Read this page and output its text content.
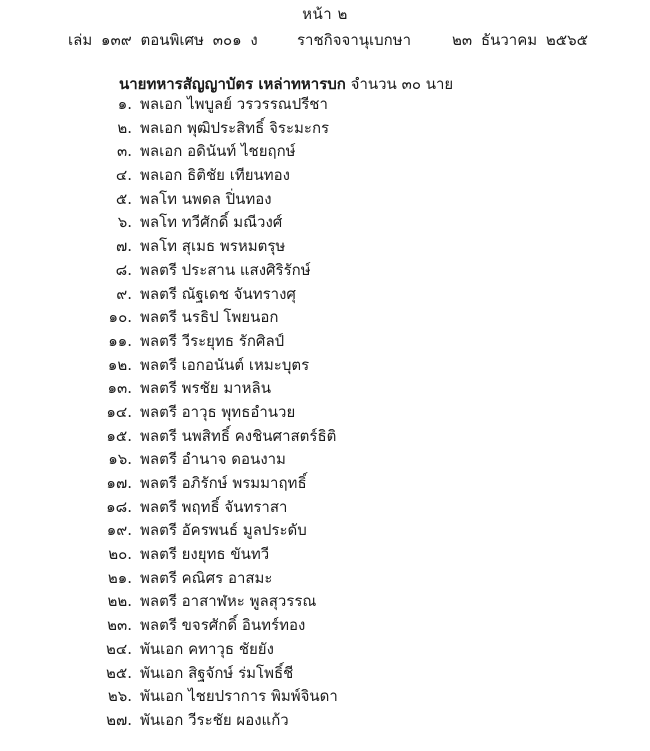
หน้า ๒
เล่ม ๑๓๙ ตอนพิเศษ ๓๐๑ ง	ราชกิจจานุเบกษา	๒๓ ธันวาคม ๒๕๖๕
นายทหารสัญญาบัตร เหล่าทหารบก จำนวน ๓๐ นาย
๑. พลเอก ไพบูลย์ วรวรรณปรีชา
๒. พลเอก พุฒิประสิทธิ์ จิระมะกร
๓. พลเอก อดินันท์ ไชยฤกษ์
๔. พลเอก ธิติชัย เทียนทอง
๕. พลโท นพดล ปิ่นทอง
๖. พลโท ทวีศักดิ์ มณีวงศ์
๗. พลโท สุเมธ พรหมตรุษ
๘. พลตรี ประสาน แสงศิริรักษ์
๙. พลตรี ณัฐเดช จันทรางศุ
๑๐. พลตรี นรธิป โพยนอก
๑๑. พลตรี วีระยุทธ รักศิลป์
๑๒. พลตรี เอกอนันต์ เหมะบุตร
๑๓. พลตรี พรชัย มาหลิน
๑๔. พลตรี อาวุธ พุทธอำนวย
๑๕. พลตรี นพสิทธิ์ คงชินศาสตร์ธิติ
๑๖. พลตรี อำนาจ ดอนงาม
๑๗. พลตรี อภิรักษ์ พรมมาฤทธิ์
๑๘. พลตรี พฤทธิ์ จันทราสา
๑๙. พลตรี อัครพนธ์ มูลประดับ
๒๐. พลตรี ยงยุทธ ขันทวี
๒๑. พลตรี คณิศร อาสมะ
๒๒. พลตรี อาสาฬหะ พูลสุวรรณ
๒๓. พลตรี ขจรศักดิ์ อินทร์ทอง
๒๔. พันเอก คทาวุธ ชัยยัง
๒๕. พันเอก สิฐจักษ์ ร่มโพธิ์ชี
๒๖. พันเอก ไชยปราการ พิมพ์จินดา
๒๗. พันเอก วีระชัย ผองแก้ว
